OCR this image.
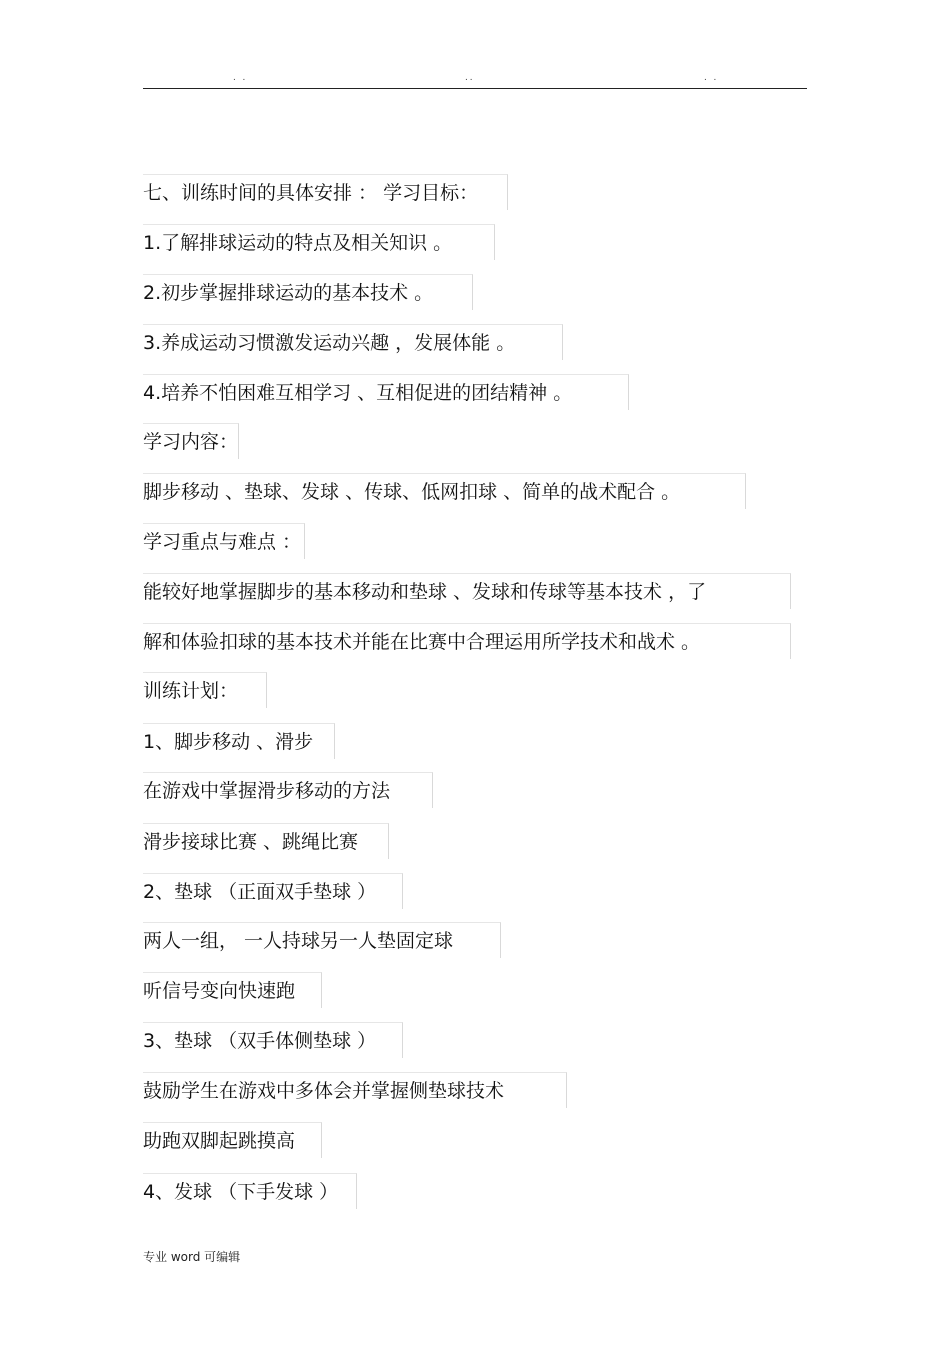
. .	..	. .
七、训练时间的具体安排 ： 学习目标：
1.了解排球运动的特点及相关知识 。
2.初步掌握排球运动的基本技术 。
3.养成运动习惯激发运动兴趣 ，发展体能 。
4.培养不怕困难互相学习 、互相促进的团结精神 。
学习内容：
脚步移动 、垫球、发球 、传球、低网扣球 、简单的战术配合 。
学习重点与难点 ：
能较好地掌握脚步的基本移动和垫球 、发球和传球等基本技术 ，了
解和体验扣球的基本技术并能在比赛中合理运用所学技术和战术 。
训练计划：
1、脚步移动 、滑步
在游戏中掌握滑步移动的方法
滑步接球比赛 、跳绳比赛
2、垫球 （正面双手垫球 ）
两人一组， 一人持球另一人垫固定球
听信号变向快速跑
3、垫球 （双手体侧垫球 ）
鼓励学生在游戏中多体会并掌握侧垫球技术
助跑双脚起跳摸高
4、发球 （下手发球 ）
专业 word 可编辑
